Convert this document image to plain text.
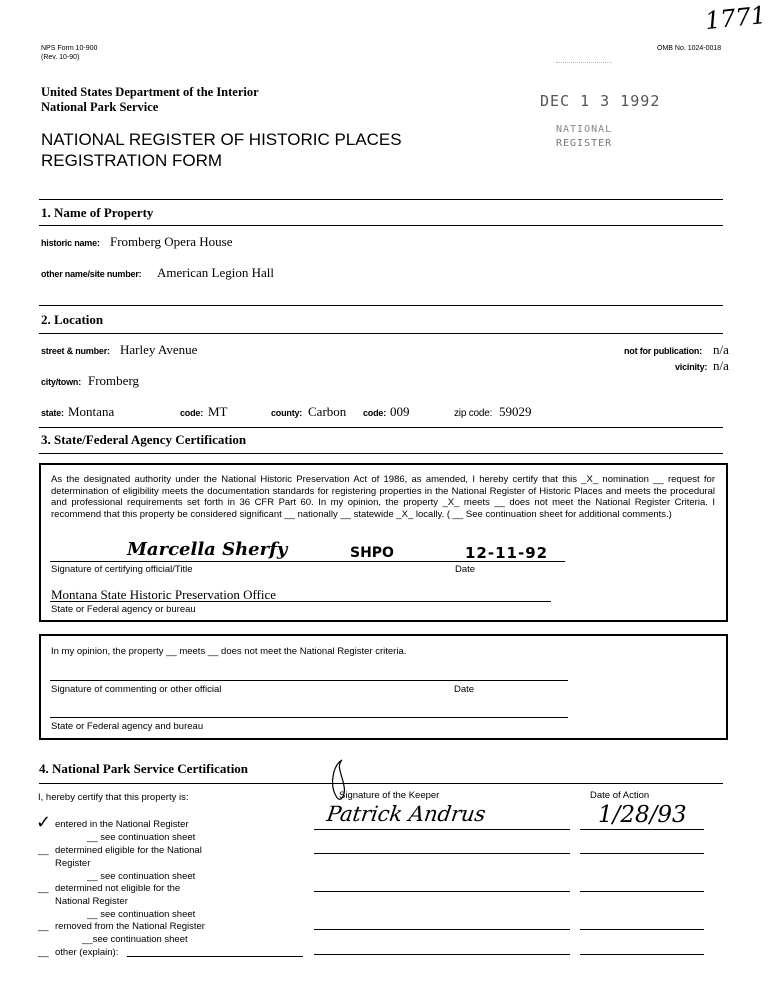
NPS Form 10-900
(Rev. 10-90)
OMB No. 1024-0018
1771
United States Department of the Interior
National Park Service
NATIONAL REGISTER OF HISTORIC PLACES
REGISTRATION FORM
DEC 1 3 1992
NATIONAL
REGISTER
1. Name of Property
historic name: Fromberg Opera House
other name/site number: American Legion Hall
2. Location
street & number: Harley Avenue	not for publication: n/a
vicinity: n/a
city/town: Fromberg
state: Montana	code: MT	county: Carbon code: 009	zip code: 59029
3. State/Federal Agency Certification
As the designated authority under the National Historic Preservation Act of 1986, as amended, I hereby certify that this _X_ nomination __ request for determination of eligibility meets the documentation standards for registering properties in the National Register of Historic Places and meets the procedural and professional requirements set forth in 36 CFR Part 60. In my opinion, the property _X_ meets __ does not meet the National Register Criteria. I recommend that this property be considered significant __ nationally __ statewide _X_ locally. ( __ See continuation sheet for additional comments.)
Marcella Sherfy	SHPO	12-11-92
Signature of certifying official/Title	Date
Montana State Historic Preservation Office
State or Federal agency or bureau
In my opinion, the property __ meets __ does not meet the National Register criteria.
Signature of commenting or other official	Date
State or Federal agency and bureau
4. National Park Service Certification
I, hereby certify that this property is:	Signature of the Keeper	Date of Action
Patrick Andrus	1/28/93
✓ entered in the National Register
__ see continuation sheet
__ determined eligible for the National Register
__ see continuation sheet
__ determined not eligible for the National Register
__ see continuation sheet
__ removed from the National Register
__see continuation sheet
__ other (explain):
